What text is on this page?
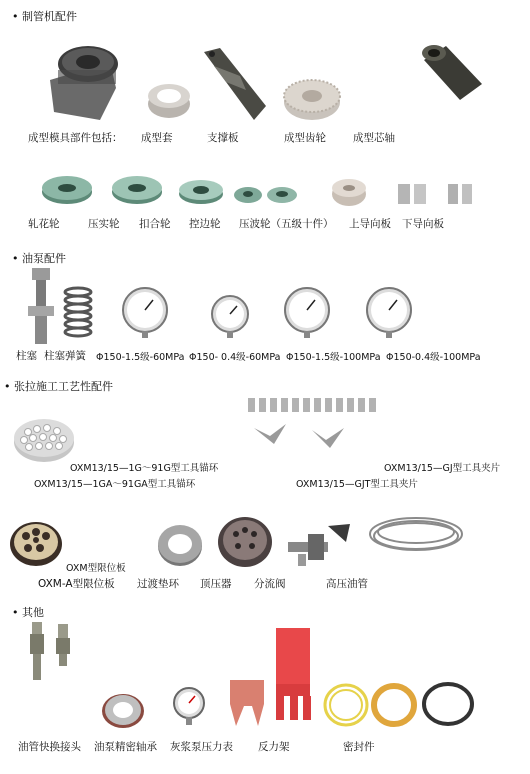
• 制管机配件
成型模具部件包括： 成型套	支撑板	成型齿轮	成型芯轴
轧花轮	压实轮 扣合轮 控边轮 压波轮（五级十件） 上导向板 下导向板
• 油泵配件
柱塞 柱塞弹簧 Φ150-1.5级-60MPa Φ150- 0.4级-60MPa Φ150-1.5级-100MPa Φ150-0.4级-100MPa
• 张拉施工工艺性配件
OXM13/15—1G～91G型工具锚环	OXM13/15—GJ型工具夹片
OXM13/15—1GA～91GA型工具锚环	OXM13/15—GJT型工具夹片
OXM型限位板
OXM-A型限位板 过渡垫环 顶压器 分流阀	高压油管
• 其他
油管快换接头 油泵精密轴承 灰浆泵压力表 反力架	密封件
